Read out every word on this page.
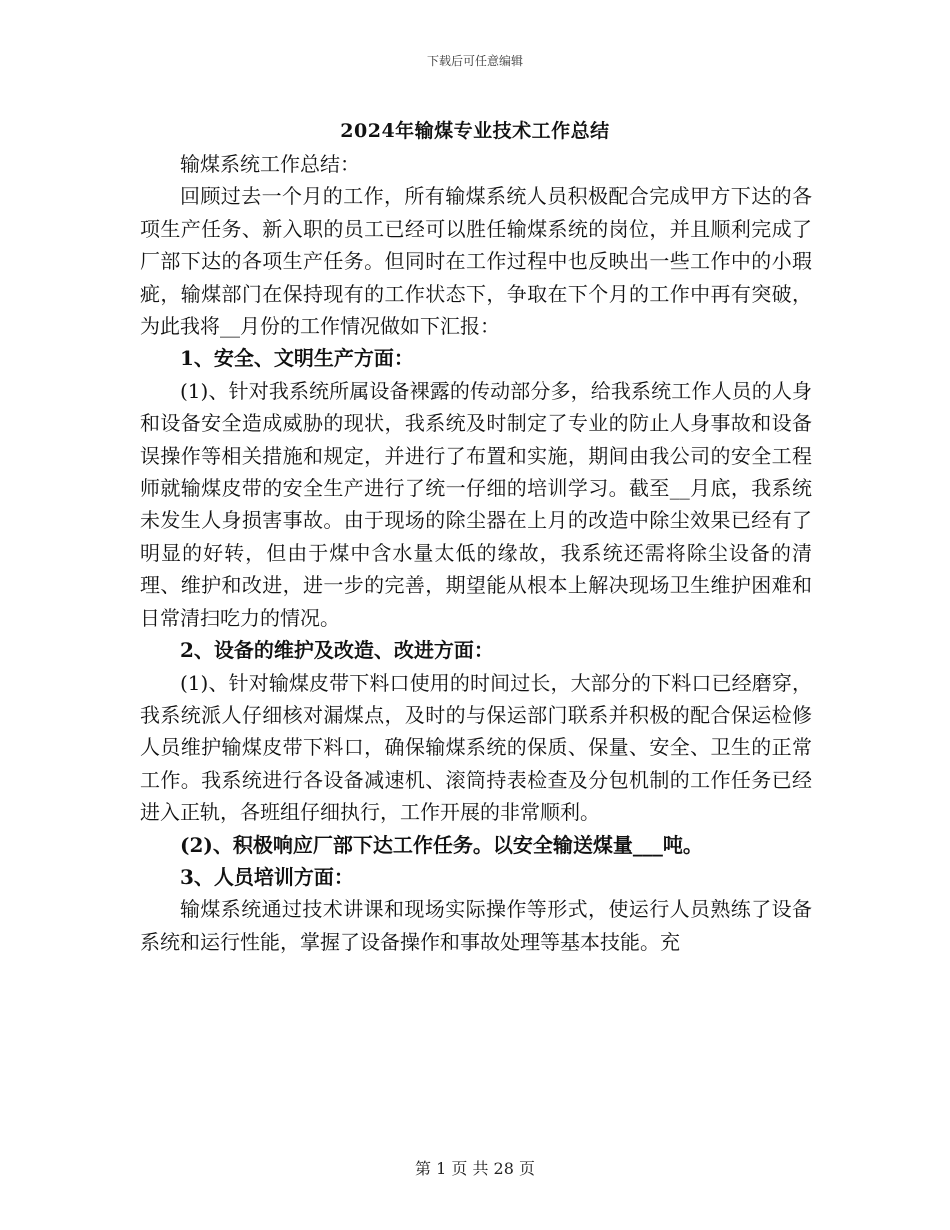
下载后可任意编辑
2024年输煤专业技术工作总结

输煤系统工作总结：

回顾过去一个月的工作，所有输煤系统人员积极配合完成甲方下达的各项生产任务、新入职的员工已经可以胜任输煤系统的岗位，并且顺利完成了厂部下达的各项生产任务。但同时在工作过程中也反映出一些工作中的小瑕疵，输煤部门在保持现有的工作状态下，争取在下个月的工作中再有突破，为此我将__月份的工作情况做如下汇报：

1、安全、文明生产方面：

(1)、针对我系统所属设备裸露的传动部分多，给我系统工作人员的人身和设备安全造成威胁的现状，我系统及时制定了专业的防止人身事故和设备误操作等相关措施和规定，并进行了布置和实施，期间由我公司的安全工程师就输煤皮带的安全生产进行了统一仔细的培训学习。截至__月底，我系统未发生人身损害事故。由于现场的除尘器在上月的改造中除尘效果已经有了明显的好转，但由于煤中含水量太低的缘故，我系统还需将除尘设备的清理、维护和改进，进一步的完善，期望能从根本上解决现场卫生维护困难和日常清扫吃力的情况。

2、设备的维护及改造、改进方面：

(1)、针对输煤皮带下料口使用的时间过长，大部分的下料口已经磨穿，我系统派人仔细核对漏煤点，及时的与保运部门联系并积极的配合保运检修人员维护输煤皮带下料口，确保输煤系统的保质、保量、安全、卫生的正常工作。我系统进行各设备减速机、滚筒持表检查及分包机制的工作任务已经进入正轨，各班组仔细执行，工作开展的非常顺利。

(2)、积极响应厂部下达工作任务。以安全输送煤量___吨。

3、人员培训方面：

输煤系统通过技术讲课和现场实际操作等形式，使运行人员熟练了设备系统和运行性能，掌握了设备操作和事故处理等基本技能。充

第 1 页 共 28 页
